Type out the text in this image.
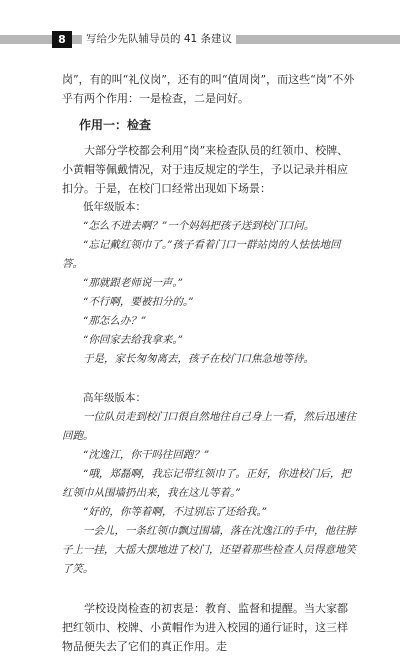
8	写给少先队辅导员的 41 条建议

岗”，有的叫“礼仪岗”，还有的叫“值周岗”，而这些“岗”不外乎有两个作用：一是检查，二是问好。

作用一：检查

大部分学校都会利用“岗”来检查队员的红领巾、校牌、小黄帽等佩戴情况，对于违反规定的学生，予以记录并相应扣分。于是，在校门口经常出现如下场景：

低年级版本：

“怎么不进去啊？”一个妈妈把孩子送到校门口问。

“忘记戴红领巾了。”孩子看着门口一群站岗的人怯怯地回答。

“那就跟老师说一声。”

“不行啊，要被扣分的。”

“那怎么办？”

“你回家去给我拿来。”

于是，家长匆匆离去，孩子在校门口焦急地等待。

高年级版本：

一位队员走到校门口很自然地往自己身上一看，然后迅速往回跑。

“沈逸江，你干吗往回跑？”

“哦，郑磊啊，我忘记带红领巾了。正好，你进校门后，把红领巾从围墙扔出来，我在这儿等着。”

“好的，你等着啊，不过别忘了还给我。”

一会儿，一条红领巾飘过围墙，落在沈逸江的手中，他往脖子上一挂，大摇大摆地进了校门，还望着那些检查人员得意地笑了笑。

学校设岗检查的初衷是：教育、监督和提醒。当大家都把红领巾、校牌、小黄帽作为进入校园的通行证时，这三样物品便失去了它们的真正作用。走
